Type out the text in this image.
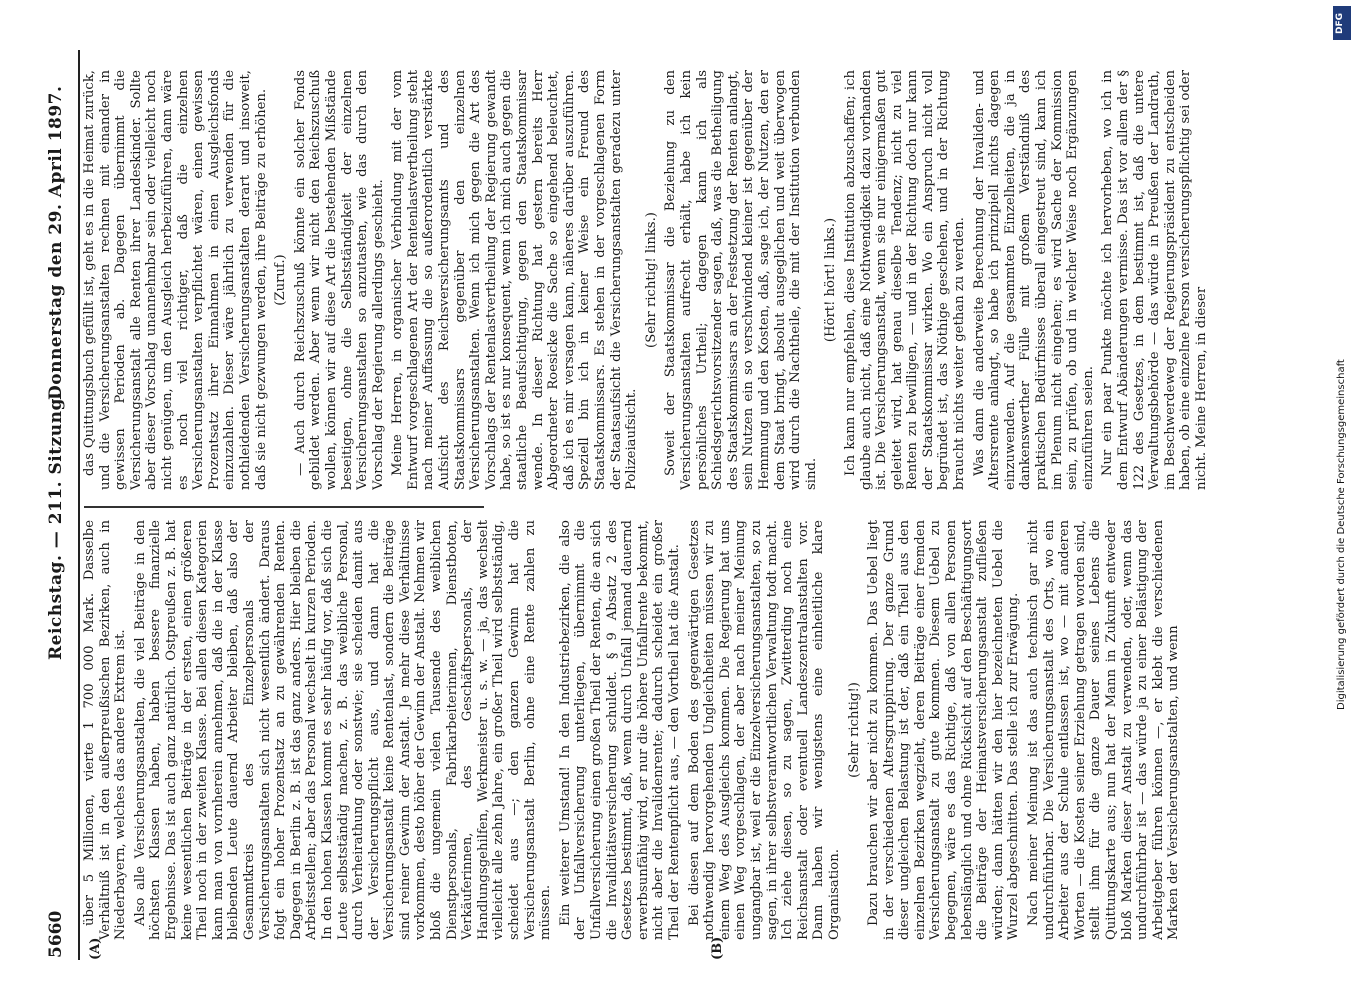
5660
Reichstag. — 211. Sitzung.
Donnerstag den 29. April 1897.
(A)	(B)

über 5 Millionen, vierte 1 700 000 Mark. Dasselbe Verhältniß ist in den außerpreußischen Bezirken, auch in Niederbayern, welches das andere Extrem ist. Also alle Versicherungsanstalten, die viel Beiträge in den höchsten Klassen haben, haben bessere finanzielle Ergebnisse. Das ist auch ganz natürlich. Ostpreußen z. B. hat keine wesentlichen Beiträge in der ersten, einen größeren Theil noch in der zweiten Klasse. Bei allen diesen Kategorien kann man von vornherein annehmen, daß die in der Klasse bleibenden Leute dauernd Arbeiter bleiben, daß also der Gesammtkreis des Einzelpersonals der Versicherungsanstalten sich nicht wesentlich ändert. Daraus folgt ein hoher Prozentsatz an zu gewährenden Renten. Dagegen in Berlin z. B. ist das ganz anders. Hier bleiben die Arbeitsstellen; aber das Personal wechselt in kurzen Perioden. In den hohen Klassen kommt es sehr häufig vor, daß sich die Leute selbstständig machen, z. B. das weibliche Personal, durch Verheirathung oder sonstwie; sie scheiden damit aus der Versicherungspflicht aus, und dann hat die Versicherungsanstalt keine Rentenlast, sondern die Beiträge sind reiner Gewinn der Anstalt. Je mehr diese Verhältnisse vorkommen, desto höher der Gewinn der Anstalt. Nehmen wir bloß die ungemein vielen Tausende des weiblichen Dienstpersonals, Fabrikarbeiterinnen, Dienstboten, Verkäuferinnen, des Geschäftspersonals, der Handlungsgehilfen, Werkmeister u. s. w. — ja, das wechselt vielleicht alle zehn Jahre, ein großer Theil wird selbstständig, scheidet aus —; den ganzen Gewinn hat die Versicherungsanstalt Berlin, ohne eine Rente zahlen zu müssen. Ein weiterer Umstand! In den Industriebezirken, die also der Unfallversicherung unterliegen, übernimmt die Unfallversicherung einen großen Theil der Renten, die an sich die Invaliditätsversicherung schuldet. § 9 Absatz 2 des Gesetzes bestimmt, daß, wenn durch Unfall jemand dauernd erwerbsunfähig wird, er nur die höhere Unfallrente bekommt, nicht aber die Invalidenrente; dadurch scheidet ein großer Theil der Rentenpflicht aus, — den Vortheil hat die Anstalt. Bei diesen auf dem Boden des gegenwärtigen Gesetzes nothwendig hervorgehenden Ungleichheiten müssen wir zu einem Weg des Ausgleichs kommen. Die Regierung hat uns einen Weg vorgeschlagen, der aber nach meiner Meinung ungangbar ist, weil er die Einzelversicherungsanstalten, so zu sagen, in ihrer selbstverantwortlichen Verwaltung todt macht. Ich ziehe diesen, so zu sagen, Zwitterding noch eine Reichsanstalt oder eventuell Landeszentralanstalten vor. Dann haben wir wenigstens eine einheitliche klare Organisation.

(Sehr richtig!) Dazu brauchen wir aber nicht zu kommen. Das Uebel liegt in der verschiedenen Altersgruppirung. Der ganze Grund dieser ungleichen Belastung ist der, daß ein Theil aus den einzelnen Bezirken wegzieht, deren Beiträge einer fremden Versicherungsanstalt zu gute kommen. Diesem Uebel zu begegnen, wäre es das Richtige, daß von allen Personen lebenslänglich und ohne Rücksicht auf den Beschäftigungsort die Beiträge der Heimatsversicherungsanstalt zufließen würden; dann hätten wir den hier bezeichneten Uebel die Wurzel abgeschnitten. Das stelle ich zur Erwägung. Nach meiner Meinung ist das auch technisch gar nicht undurchführbar. Die Versicherungsanstalt des Orts, wo ein Arbeiter aus der Schule entlassen ist, wo — mit anderen Worten — die Kosten seiner Erziehung getragen worden sind, stellt ihm für die ganze Dauer seines Lebens die Quittungskarte aus; nun hat der Mann in Zukunft entweder bloß Marken dieser Anstalt zu verwenden, oder, wenn das undurchführbar ist — das würde ja zu einer Belästigung der Arbeitgeber führen können —, er klebt die verschiedenen Marken der Versicherungsanstalten, und wenn

das Quittungsbuch gefüllt ist, geht es in die Heimat zurück, und die Versicherungsanstalten rechnen mit einander in gewissen Perioden ab. Dagegen übernimmt die Versicherungsanstalt alle Renten ihrer Landeskinder. Sollte aber dieser Vorschlag unannehmbar sein oder vielleicht noch nicht genügen, um den Ausgleich herbeizuführen, dann wäre es noch viel richtiger, daß die einzelnen Versicherungsanstalten verpflichtet wären, einen gewissen Prozentsatz ihrer Einnahmen in einen Ausgleichsfonds einzuzahlen. Dieser wäre jährlich zu verwenden für die nothleidenden Versicherungsanstalten derart und insoweit, daß sie nicht gezwungen werden, ihre Beiträge zu erhöhen. (Zuruf.) — Auch durch Reichszuschuß könnte ein solcher Fonds gebildet werden. Aber wenn wir nicht den Reichszuschuß wollen, können wir auf diese Art die bestehenden Mißstände beseitigen, ohne die Selbstständigkeit der einzelnen Versicherungsanstalten so anzutasten, wie das durch den Vorschlag der Regierung allerdings geschieht. Meine Herren, in organischer Verbindung mit der vom Entwurf vorgeschlagenen Art der Rentenlastvertheilung steht nach meiner Auffassung die so außerordentlich verstärkte Aufsicht des Reichsversicherungsamts und des Staatskommissars gegenüber den einzelnen Versicherungsanstalten. Wenn ich mich gegen die Art des Vorschlags der Rentenlastvertheilung der Regierung gewandt habe, so ist es nur konsequent, wenn ich mich auch gegen die staatliche Beaufsichtigung, gegen den Staatskommissar wende. In dieser Richtung hat gestern bereits Herr Abgeordneter Roesicke die Sache so eingehend beleuchtet, daß ich es mir versagen kann, näheres darüber auszuführen. Speziell bin ich in keiner Weise ein Freund des Staatskommissars. Es stehen in der vorgeschlagenen Form der Staatsaufsicht die Versicherungsanstalten geradezu unter Polizeiaufsicht.

(Sehr richtig! links.) Soweit der Staatskommissar die Beziehung zu den Versicherungsanstalten aufrecht erhält, habe ich kein persönliches Urtheil; dagegen kann ich als Schiedsgerichtsvorsitzender sagen, daß, was die Betheiligung des Staatskommissars an der Festsetzung der Renten anlangt, sein Nutzen ein so verschwindend kleiner ist gegenüber der Hemmung und den Kosten, daß, sage ich, der Nutzen, den er dem Staat bringt, absolut ausgeglichen und weit überwogen wird durch die Nachtheile, die mit der Institution verbunden sind.

(Hört! hört! links.) Ich kann nur empfehlen, diese Institution abzuschaffen; ich glaube auch nicht, daß eine Nothwendigkeit dazu vorhanden ist. Die Versicherungsanstalt, wenn sie nur einigermaßen gut geleitet wird, hat genau dieselbe Tendenz; nicht zu viel Renten zu bewilligen, — und in der Richtung doch nur kann der Staatskommissar wirken. Wo ein Anspruch nicht voll begründet ist, das Nöthige geschehen, und in der Richtung braucht nichts weiter gethan zu werden. Was dann die anderweite Berechnung der Invaliden- und Altersrente anlangt, so habe ich prinzipiell nichts dagegen einzuwenden. Auf die gesammten Einzelheiten, die ja in dankenswerther Fülle mit großem Verständniß des praktischen Bedürfnisses überall eingestreut sind, kann ich im Plenum nicht eingehen; es wird Sache der Kommission sein, zu prüfen, ob und in welcher Weise noch Ergänzungen einzuführen seien. Nur ein paar Punkte möchte ich hervorheben, wo ich in dem Entwurf Abänderungen vermisse. Das ist vor allem der § 122 des Gesetzes, in dem bestimmt ist, daß die untere Verwaltungsbehörde — das würde in Preußen der Landrath, im Beschwerdeweg der Regierungspräsident zu entscheiden haben, ob eine einzelne Person versicherungspflichtig sei oder nicht. Meine Herren, in dieser	Digitalisierung gefördert durch die Deutsche Forschungsgemeinschaft
DFG
